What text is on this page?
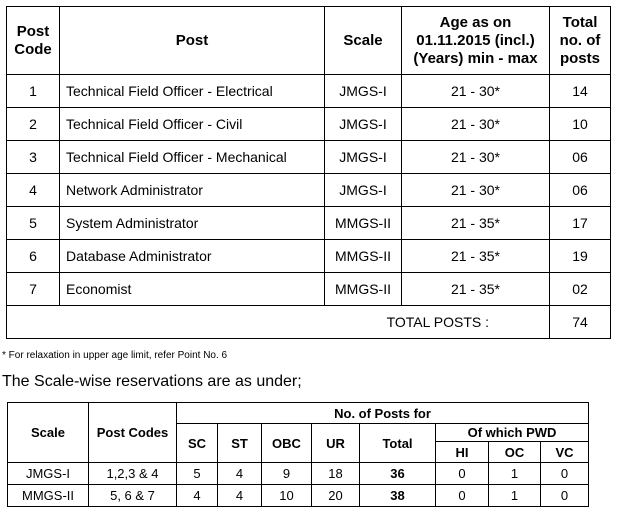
Post Code	Post	Scale	Age as on 01.11.2015 (incl.) (Years) min - max	Total no. of posts
1	Technical Field Officer - Electrical	JMGS-I	21 - 30*	14
2	Technical Field Officer - Civil	JMGS-I	21 - 30*	10
3	Technical Field Officer - Mechanical	JMGS-I	21 - 30*	06
4	Network Administrator	JMGS-I	21 - 30*	06
5	System Administrator	MMGS-II	21 - 35*	17
6	Database Administrator	MMGS-II	21 - 35*	19
7	Economist	MMGS-II	21 - 35*	02
TOTAL POSTS :				74
* For relaxation in upper age limit, refer Point No. 6
The Scale-wise reservations are as under;
Scale	Post Codes	No. of Posts for							
		SC	ST	OBC	UR	Total	Of which PWD		
							HI	OC	VC
JMGS-I	1,2,3 & 4	5	4	9	18	36	0	1	0
MMGS-II	5, 6 & 7	4	4	10	20	38	0	1	0
